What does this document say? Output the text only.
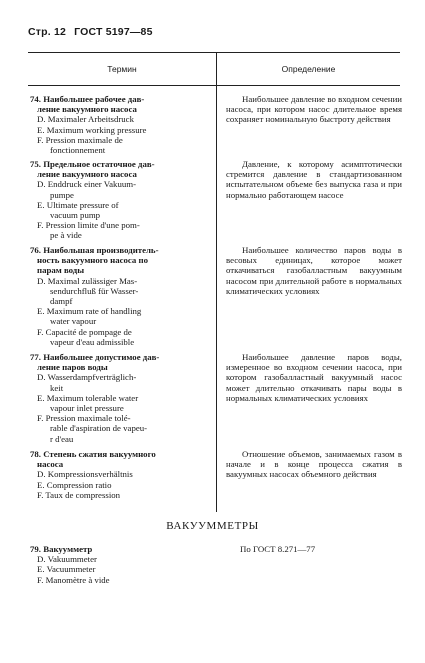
Стр. 12 ГОСТ 5197—85
Термин	Определение
74. Наибольшее рабочее дав-
ление вакуумного насоса
D. Maximaler Arbeitsdruck
E. Maximum working pressure
F. Pression maximale de
fonctionnement
Наибольшее давление во входном сечении насоса, при котором насос длительное время сохраняет номинальную быстроту действия
75. Предельное остаточное дав-
ление вакуумного насоса
D. Enddruck einer Vakuum-
pumpe
E. Ultimate pressure of
vacuum pump
F. Pression limite d'une pom-
pe à vide
Давление, к которому асимптотически стремится давление в стандартизованном испытательном объеме без выпуска газа и при нормально работающем насосе
76. Наибольшая производитель-
ность вакуумного насоса по
парам воды
D. Maximal zulässiger Mas-
sendurchfluß für Wasser-
dampf
E. Maximum rate of handling
water vapour
F. Capacité de pompage de
vapeur d'eau admissible
Наибольшее количество паров воды в весовых единицах, которое может откачиваться газобалластным вакуумным насосом при длительной работе в нормальных климатических условиях
77. Наибольшее допустимое дав-
ление паров воды
D. Wasserdampfverträglich-
keit
E. Maximum tolerable water
vapour inlet pressure
F. Pression maximale tolé-
rable d'aspiration de vapeu-
r d'eau
Наибольшее давление паров воды, измеренное во входном сечении насоса, при котором газобалластный вакуумный насос может длительно откачивать пары воды в нормальных климатических условиях
78. Степень сжатия вакуумного
насоса
D. Kompressionsverhältnis
E. Compression ratio
F. Taux de compression
Отношение объемов, занимаемых газом в начале и в конце процесса сжатия в вакуумных насосах объемного действия
ВАКУУММЕТРЫ
79. Вакуумметр
D. Vakuummeter
E. Vacuummeter
F. Manomètre à vide
По ГОСТ 8.271—77
